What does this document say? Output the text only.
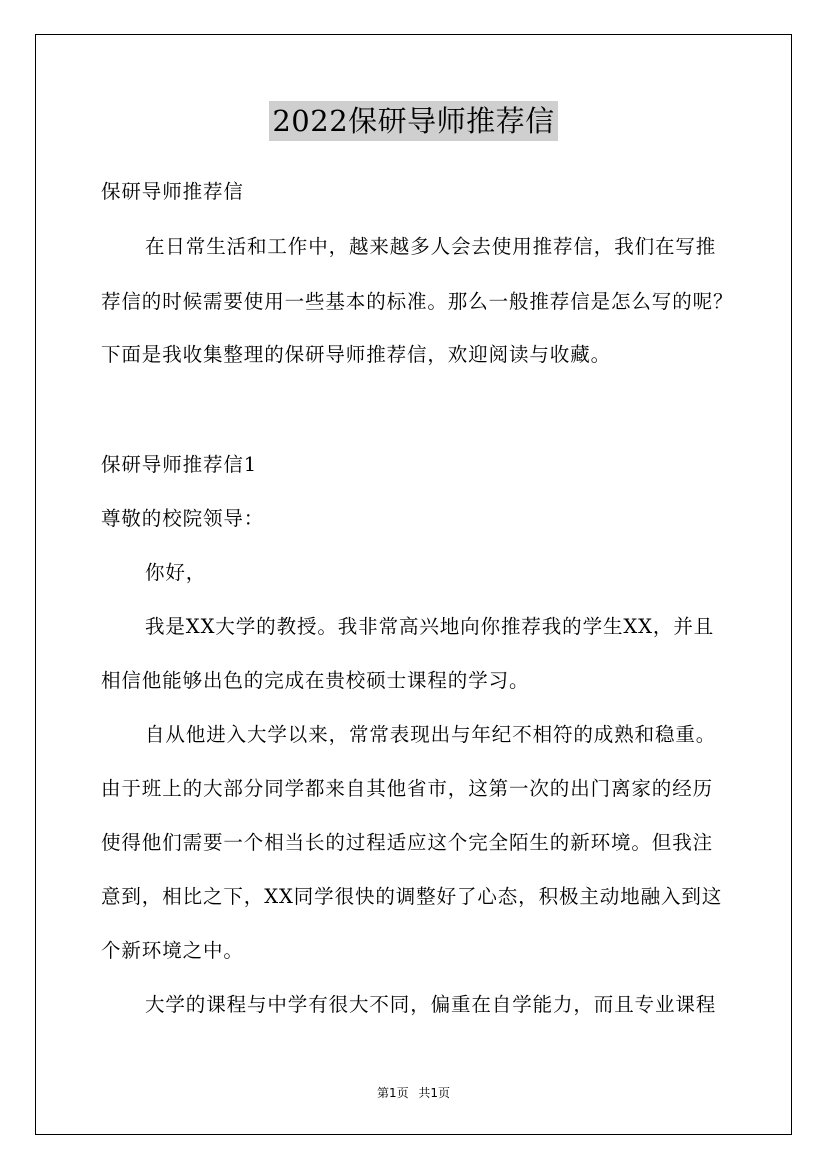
2022保研导师推荐信
保研导师推荐信
在日常生活和工作中，越来越多人会去使用推荐信，我们在写推
荐信的时候需要使用一些基本的标准。那么一般推荐信是怎么写的呢？
下面是我收集整理的保研导师推荐信，欢迎阅读与收藏。
保研导师推荐信1
尊敬的校院领导：
你好，
我是XX大学的教授。我非常高兴地向你推荐我的学生XX，并且
相信他能够出色的完成在贵校硕士课程的学习。
自从他进入大学以来，常常表现出与年纪不相符的成熟和稳重。
由于班上的大部分同学都来自其他省市，这第一次的出门离家的经历
使得他们需要一个相当长的过程适应这个完全陌生的新环境。但我注
意到，相比之下，XX同学很快的调整好了心态，积极主动地融入到这
个新环境之中。
大学的课程与中学有很大不同，偏重在自学能力，而且专业课程
第1页 共1页
